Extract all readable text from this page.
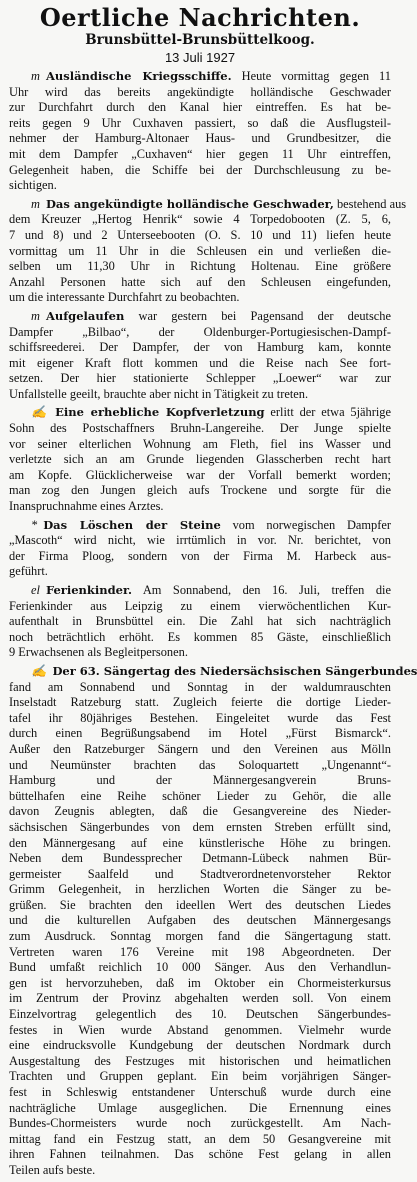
Oertliche Nachrichten.

Brunsbüttel-Brunsbüttelkoog.

13 Juli 1927

m Ausländische Kriegsschiffe. Heute vormittag gegen 11
Uhr wird das bereits angekündigte holländische Geschwader
zur Durchfahrt durch den Kanal hier eintreffen. Es hat be-
reits gegen 9 Uhr Cuxhaven passiert, so daß die Ausflugsteil-
nehmer der Hamburg-Altonaer Haus- und Grundbesitzer, die
mit dem Dampfer „Cuxhaven“ hier gegen 11 Uhr eintreffen,
Gelegenheit haben, die Schiffe bei der Durchschleusung zu be-
sichtigen.
m Das angekündigte holländische Geschwader, bestehend aus
dem Kreuzer „Hertog Henrik“ sowie 4 Torpedobooten (Z. 5, 6,
7 und 8) und 2 Unterseebooten (O. S. 10 und 11) liefen heute
vormittag um 11 Uhr in die Schleusen ein und verließen die-
selben um 11,30 Uhr in Richtung Holtenau. Eine größere
Anzahl Personen hatte sich auf den Schleusen eingefunden,
um die interessante Durchfahrt zu beobachten.
m Aufgelaufen war gestern bei Pagensand der deutsche
Dampfer „Bilbao“, der Oldenburger-Portugiesischen-Dampf-
schiffsreederei. Der Dampfer, der von Hamburg kam, konnte
mit eigener Kraft flott kommen und die Reise nach See fort-
setzen. Der hier stationierte Schlepper „Loewer“ war zur
Unfallstelle geeilt, brauchte aber nicht in Tätigkeit zu treten.
✍ Eine erhebliche Kopfverletzung erlitt der etwa 5jährige
Sohn des Postschaffners Bruhn-Langereihe. Der Junge spielte
vor seiner elterlichen Wohnung am Fleth, fiel ins Wasser und
verletzte sich an am Grunde liegenden Glasscherben recht hart
am Kopfe. Glücklicherweise war der Vorfall bemerkt worden;
man zog den Jungen gleich aufs Trockene und sorgte für die
Inanspruchnahme eines Arztes.
* Das Löschen der Steine vom norwegischen Dampfer
„Mascoth“ wird nicht, wie irrtümlich in vor. Nr. berichtet, von
der Firma Ploog, sondern von der Firma M. Harbeck aus-
geführt.
el Ferienkinder. Am Sonnabend, den 16. Juli, treffen die
Ferienkinder aus Leipzig zu einem vierwöchentlichen Kur-
aufenthalt in Brunsbüttel ein. Die Zahl hat sich nachträglich
noch beträchtlich erhöht. Es kommen 85 Gäste, einschließlich
9 Erwachsenen als Begleitpersonen.
✍ Der 63. Sängertag des Niedersächsischen Sängerbundes
fand am Sonnabend und Sonntag in der waldumrauschten
Inselstadt Ratzeburg statt. Zugleich feierte die dortige Lieder-
tafel ihr 80jähriges Bestehen. Eingeleitet wurde das Fest
durch einen Begrüßungsabend im Hotel „Fürst Bismarck“.
Außer den Ratzeburger Sängern und den Vereinen aus Mölln
und Neumünster brachten das Soloquartett „Ungenannt“-
Hamburg und der Männergesangverein Bruns-
büttelhafen eine Reihe schöner Lieder zu Gehör, die alle
davon Zeugnis ablegten, daß die Gesangvereine des Nieder-
sächsischen Sängerbundes von dem ernsten Streben erfüllt sind,
den Männergesang auf eine künstlerische Höhe zu bringen.
Neben dem Bundessprecher Detmann-Lübeck nahmen Bür-
germeister Saalfeld und Stadtverordnetenvorsteher Rektor
Grimm Gelegenheit, in herzlichen Worten die Sänger zu be-
grüßen. Sie brachten den ideellen Wert des deutschen Liedes
und die kulturellen Aufgaben des deutschen Männergesangs
zum Ausdruck. Sonntag morgen fand die Sängertagung statt.
Vertreten waren 176 Vereine mit 198 Abgeordneten. Der
Bund umfaßt reichlich 10 000 Sänger. Aus den Verhandlun-
gen ist hervorzuheben, daß im Oktober ein Chormeisterkursus
im Zentrum der Provinz abgehalten werden soll. Von einem
Einzelvortrag gelegentlich des 10. Deutschen Sängerbundes-
festes in Wien wurde Abstand genommen. Vielmehr wurde
eine eindrucksvolle Kundgebung der deutschen Nordmark durch
Ausgestaltung des Festzuges mit historischen und heimatlichen
Trachten und Gruppen geplant. Ein beim vorjährigen Sänger-
fest in Schleswig entstandener Unterschuß wurde durch eine
nachträgliche Umlage ausgeglichen. Die Ernennung eines
Bundes-Chormeisters wurde noch zurückgestellt. Am Nach-
mittag fand ein Festzug statt, an dem 50 Gesangvereine mit
ihren Fahnen teilnahmen. Das schöne Fest gelang in allen
Teilen aufs beste.
